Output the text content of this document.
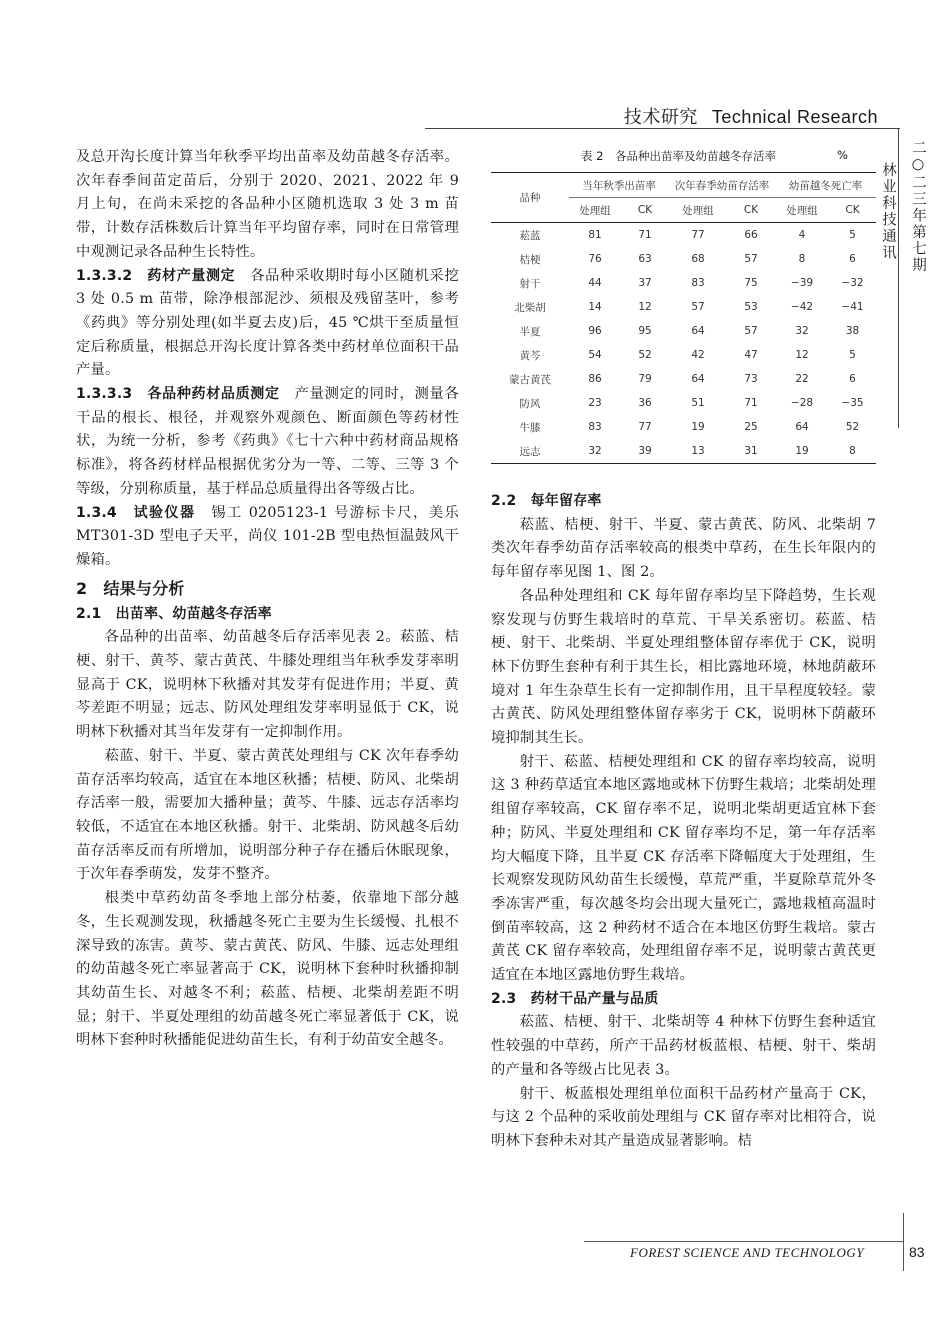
技术研究 Technical Research
二○二三年第七期
林业科技通讯

及总开沟长度计算当年秋季平均出苗率及幼苗越冬存活率。次年春季间苗定苗后，分别于 2020、2021、2022 年 9 月上旬，在尚未采挖的各品种小区随机选取 3 处 3 m 苗带，计数存活株数后计算当年平均留存率，同时在日常管理中观测记录各品种生长特性。

1.3.3.2　药材产量测定　各品种采收期时每小区随机采挖 3 处 0.5 m 苗带，除净根部泥沙、须根及残留茎叶，参考《药典》等分别处理(如半夏去皮)后，45 ℃烘干至质量恒定后称质量，根据总开沟长度计算各类中药材单位面积干品产量。

1.3.3.3　各品种药材品质测定　产量测定的同时，测量各干品的根长、根径，并观察外观颜色、断面颜色等药材性状，为统一分析，参考《药典》《七十六种中药材商品规格标准》，将各药材样品根据优劣分为一等、二等、三等 3 个等级，分别称质量，基于样品总质量得出各等级占比。

1.3.4　试验仪器　锡工 0205123-1 号游标卡尺，美乐 MT301-3D 型电子天平，尚仪 101-2B 型电热恒温鼓风干燥箱。

2　结果与分析

2.1　出苗率、幼苗越冬存活率

各品种的出苗率、幼苗越冬后存活率见表 2。菘蓝、桔梗、射干、黄芩、蒙古黄芪、牛膝处理组当年秋季发芽率明显高于 CK，说明林下秋播对其发芽有促进作用；半夏、黄芩差距不明显；远志、防风处理组发芽率明显低于 CK，说明林下秋播对其当年发芽有一定抑制作用。

菘蓝、射干、半夏、蒙古黄芪处理组与 CK 次年春季幼苗存活率均较高，适宜在本地区秋播；桔梗、防风、北柴胡存活率一般，需要加大播种量；黄芩、牛膝、远志存活率均较低，不适宜在本地区秋播。射干、北柴胡、防风越冬后幼苗存活率反而有所增加，说明部分种子存在播后休眠现象，于次年春季萌发，发芽不整齐。

根类中草药幼苗冬季地上部分枯萎，依靠地下部分越冬，生长观测发现，秋播越冬死亡主要为生长缓慢、扎根不深导致的冻害。黄芩、蒙古黄芪、防风、牛膝、远志处理组的幼苗越冬死亡率显著高于 CK，说明林下套种时秋播抑制其幼苗生长、对越冬不利；菘蓝、桔梗、北柴胡差距不明显；射干、半夏处理组的幼苗越冬死亡率显著低于 CK，说明林下套种时秋播能促进幼苗生长，有利于幼苗安全越冬。

表 2　各品种出苗率及幼苗越冬存活率	%
品种	当年秋季出苗率		次年春季幼苗存活率		幼苗越冬死亡率	
	处理组	CK	处理组	CK	处理组	CK
菘蓝	81	71	77	66	4	5
桔梗	76	63	68	57	8	6
射干	44	37	83	75	−39	−32
北柴胡	14	12	57	53	−42	−41
半夏	96	95	64	57	32	38
黄芩	54	52	42	47	12	5
蒙古黄芪	86	79	64	73	22	6
防风	23	36	51	71	−28	−35
牛膝	83	77	19	25	64	52
远志	32	39	13	31	19	8

2.2　每年留存率

菘蓝、桔梗、射干、半夏、蒙古黄芪、防风、北柴胡 7 类次年春季幼苗存活率较高的根类中草药，在生长年限内的每年留存率见图 1、图 2。

各品种处理组和 CK 每年留存率均呈下降趋势，生长观察发现与仿野生栽培时的草荒、干旱关系密切。菘蓝、桔梗、射干、北柴胡、半夏处理组整体留存率优于 CK，说明林下仿野生套种有利于其生长，相比露地环境，林地荫蔽环境对 1 年生杂草生长有一定抑制作用，且干旱程度较轻。蒙古黄芪、防风处理组整体留存率劣于 CK，说明林下荫蔽环境抑制其生长。

射干、菘蓝、桔梗处理组和 CK 的留存率均较高，说明这 3 种药草适宜本地区露地或林下仿野生栽培；北柴胡处理组留存率较高，CK 留存率不足，说明北柴胡更适宜林下套种；防风、半夏处理组和 CK 留存率均不足，第一年存活率均大幅度下降，且半夏 CK 存活率下降幅度大于处理组，生长观察发现防风幼苗生长缓慢，草荒严重，半夏除草荒外冬季冻害严重，每次越冬均会出现大量死亡，露地栽植高温时倒苗率较高，这 2 种药材不适合在本地区仿野生栽培。蒙古黄芪 CK 留存率较高，处理组留存率不足，说明蒙古黄芪更适宜在本地区露地仿野生栽培。

2.3　药材干品产量与品质

菘蓝、桔梗、射干、北柴胡等 4 种林下仿野生套种适宜性较强的中草药，所产干品药材板蓝根、桔梗、射干、柴胡的产量和各等级占比见表 3。

射干、板蓝根处理组单位面积干品药材产量高于 CK，与这 2 个品种的采收前处理组与 CK 留存率对比相符合，说明林下套种未对其产量造成显著影响。桔

FOREST SCIENCE AND TECHNOLOGY	83
